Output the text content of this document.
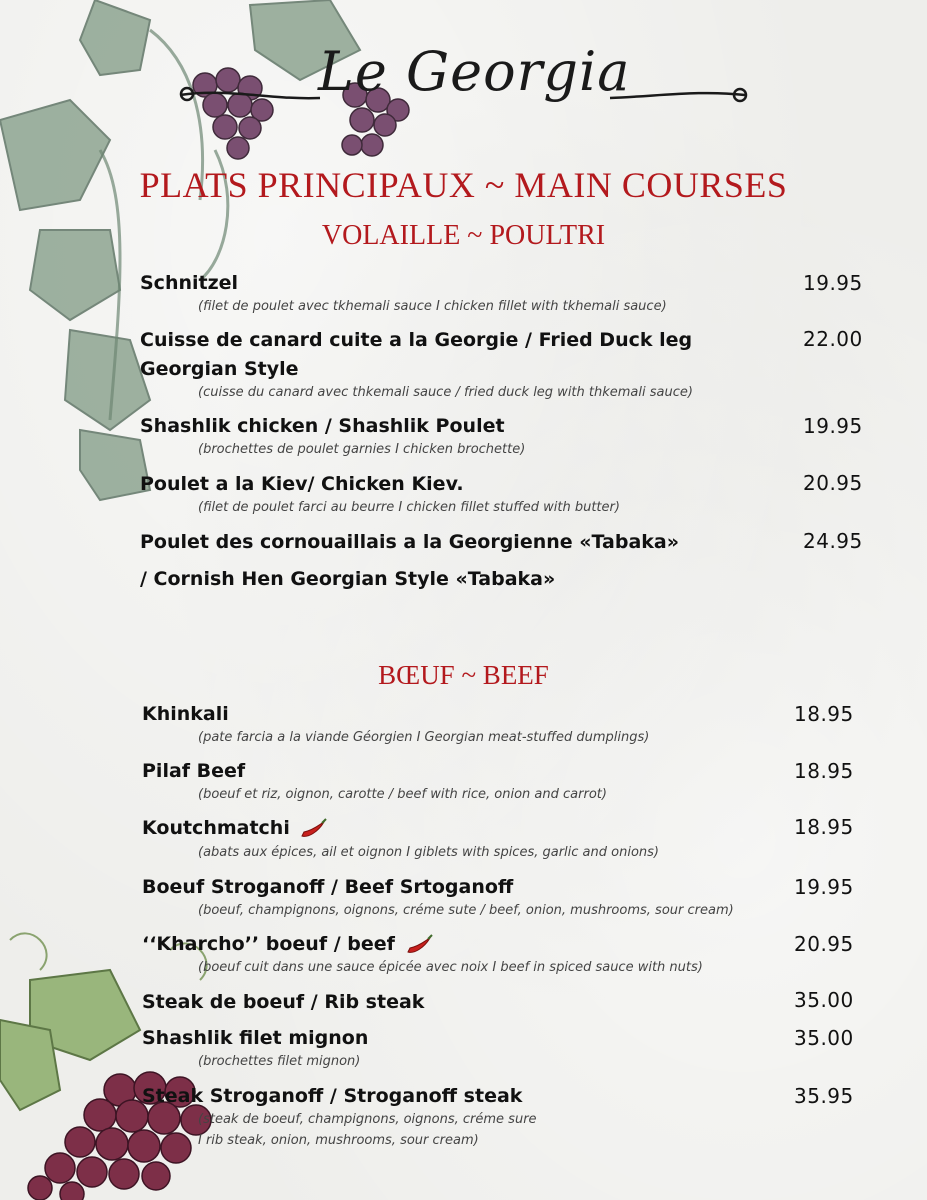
Le Georgia
PLATS PRINCIPAUX ~ MAIN COURSES
VOLAILLE ~ POULTRI
BŒUF ~ BEEF
Schnitzel
(filet de poulet avec tkhemali sauce I chicken fillet with tkhemali sauce)
19.95
Cuisse de canard cuite a la Georgie / Fried Duck leg
Georgian Style
(cuisse du canard avec thkemali sauce / fried duck leg with thkemali sauce)
22.00
Shashlik chicken / Shashlik Poulet
(brochettes de poulet garnies I chicken brochette)
19.95
Poulet a la Kiev/ Chicken Kiev.
(filet de poulet farci au beurre I chicken fillet stuffed with butter)
20.95
Poulet des cornouaillais a la Georgienne «Tabaka»
/ Cornish Hen Georgian Style «Tabaka»
24.95
Khinkali
(pate farcia a la viande Géorgien I Georgian meat-stuffed dumplings)
18.95
Pilaf Beef
(boeuf et riz, oignon, carotte / beef with rice, onion and carrot)
18.95
Koutchmatchi
(abats aux épices, ail et oignon I giblets with spices, garlic and onions)
18.95
Boeuf Stroganoff / Beef Srtoganoff
(boeuf, champignons, oignons, créme sute / beef, onion, mushrooms, sour cream)
19.95
‘‘Kharcho’’ boeuf / beef
(boeuf cuit dans une sauce épicée avec noix I beef in spiced sauce with nuts)
20.95
Steak de boeuf / Rib steak	35.00
Shashlik filet mignon
(brochettes filet mignon)
35.00
Steak Stroganoff / Stroganoff steak
(steak de boeuf, champignons, oignons, créme sure
I rib steak, onion, mushrooms, sour cream)
35.95
